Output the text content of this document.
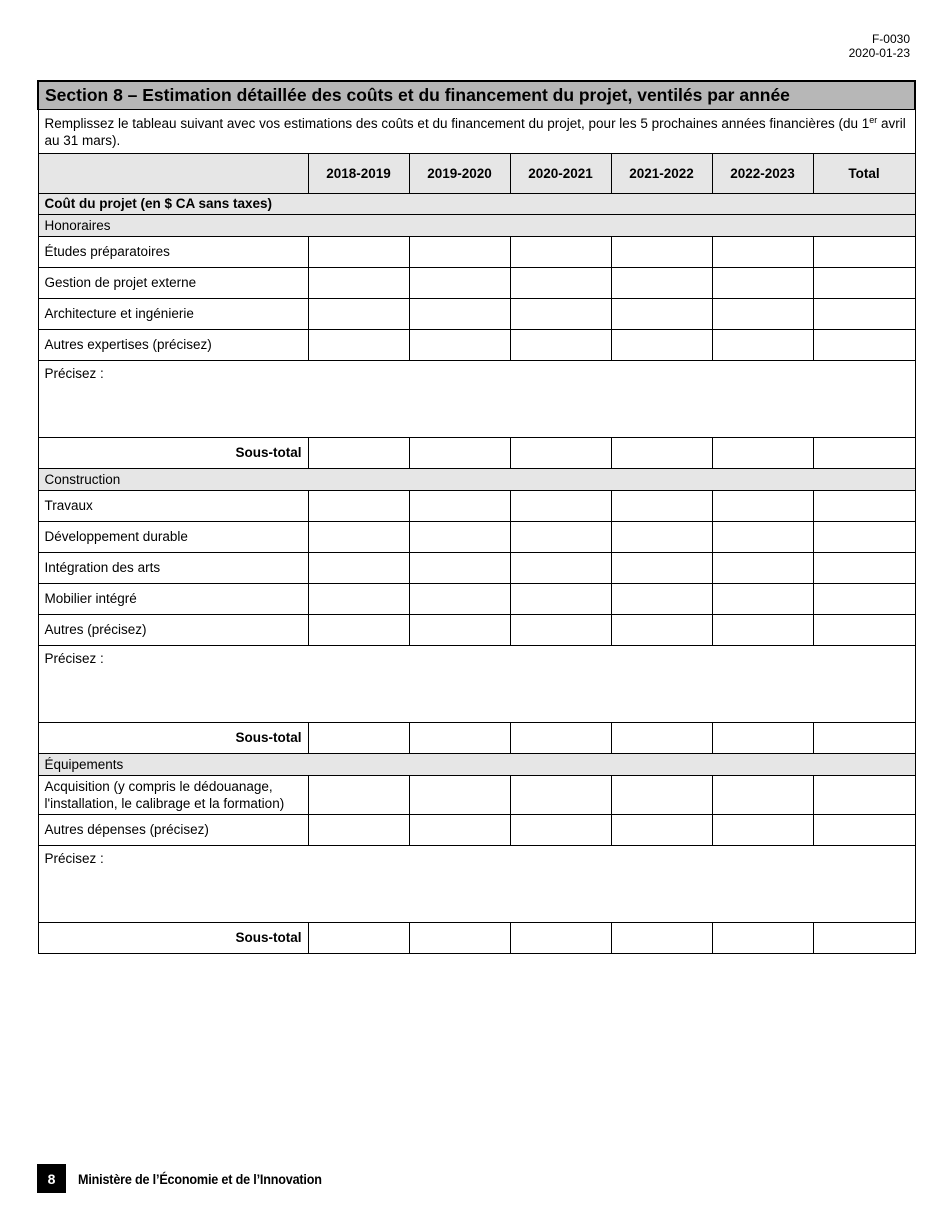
F-0030
2020-01-23
Section 8 – Estimation détaillée des coûts et du financement du projet, ventilés par année						
Remplissez le tableau suivant avec vos estimations des coûts et du financement du projet, pour les 5 prochaines années financières (du 1er avril au 31 mars).						
	2018-2019	2019-2020	2020-2021	2021-2022	2022-2023	Total
Coût du projet (en $ CA sans taxes)						
Honoraires						
Études préparatoires						
Gestion de projet externe						
Architecture et ingénierie						
Autres expertises (précisez)						
Précisez :						
Sous-total						
Construction						
Travaux						
Développement durable						
Intégration des arts						
Mobilier intégré						
Autres (précisez)						
Précisez :						
Sous-total						
Équipements						
Acquisition (y compris le dédouanage, l'installation, le calibrage et la formation)						
Autres dépenses (précisez)						
Précisez :						
Sous-total						
8	Ministère de l’Économie et de l’Innovation
